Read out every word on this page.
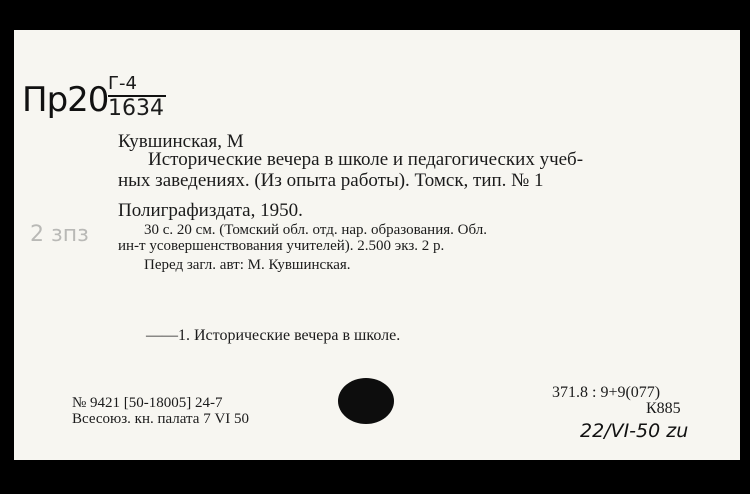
Пр20 Г-4
1634
2 зпз
Кувшинская, М
Исторические вечера в школе и педагогических учеб-
ных заведениях. (Из опыта работы). Томск, тип. № 1
Полиграфиздата, 1950.
30 с. 20 см. (Томский обл. отд. нар. образования. Обл.
ин-т усовершенствования учителей). 2.500 экз. 2 р.
Перед загл. авт: М. Кувшинская.
——1. Исторические вечера в школе.
№ 9421 [50-18005] 24-7
Всесоюз. кн. палата 7 VI 50
371.8 : 9+9(077)
К885
22/VI-50 zu
